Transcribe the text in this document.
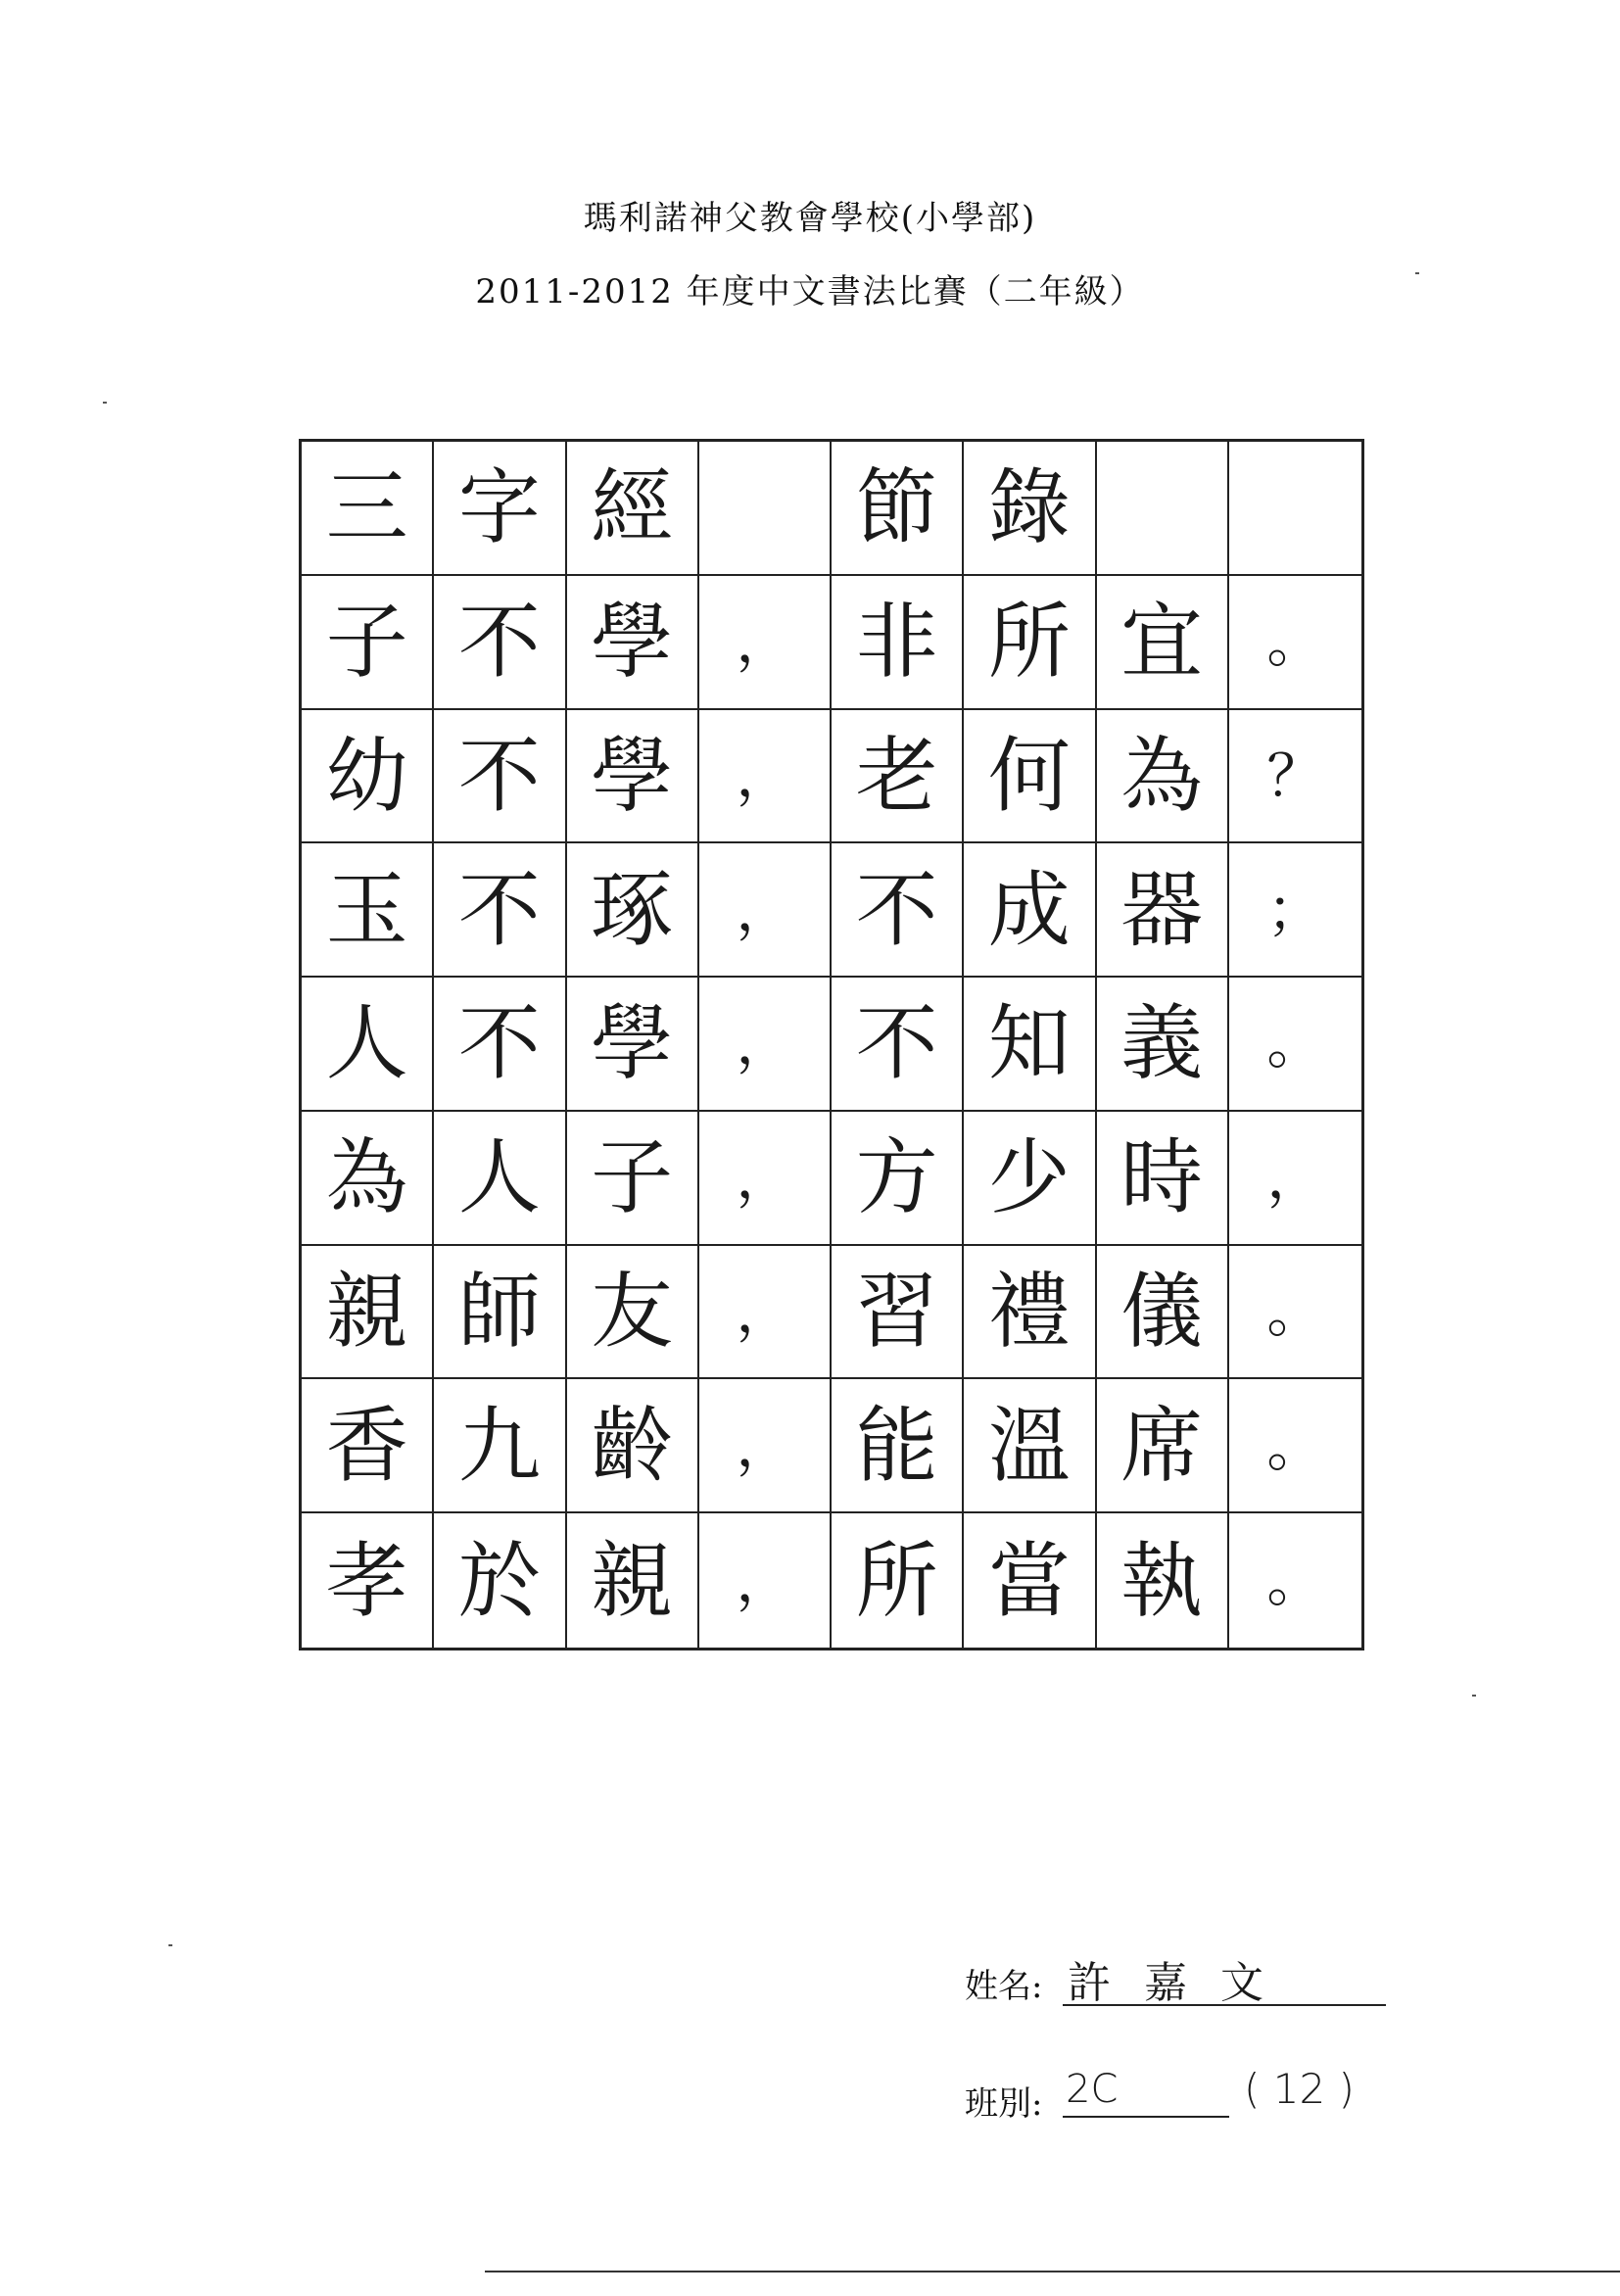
瑪利諾神父教會學校(小學部)
2011-2012 年度中文書法比賽（二年級）
三 字 經	節 錄
子 不 學	， 非 所 宜	。
幼 不 學	， 老 何 為	？
玉 不 琢	， 不 成 器	；
人 不 學	， 不 知 義	。
為 人 子	， 方 少 時	，
親 師 友	， 習 禮 儀	。
香 九 齡	， 能 溫 席	。
孝 於 親	， 所 當 執	。
姓名: 許 嘉 文
班別: 2C	( 12 )
